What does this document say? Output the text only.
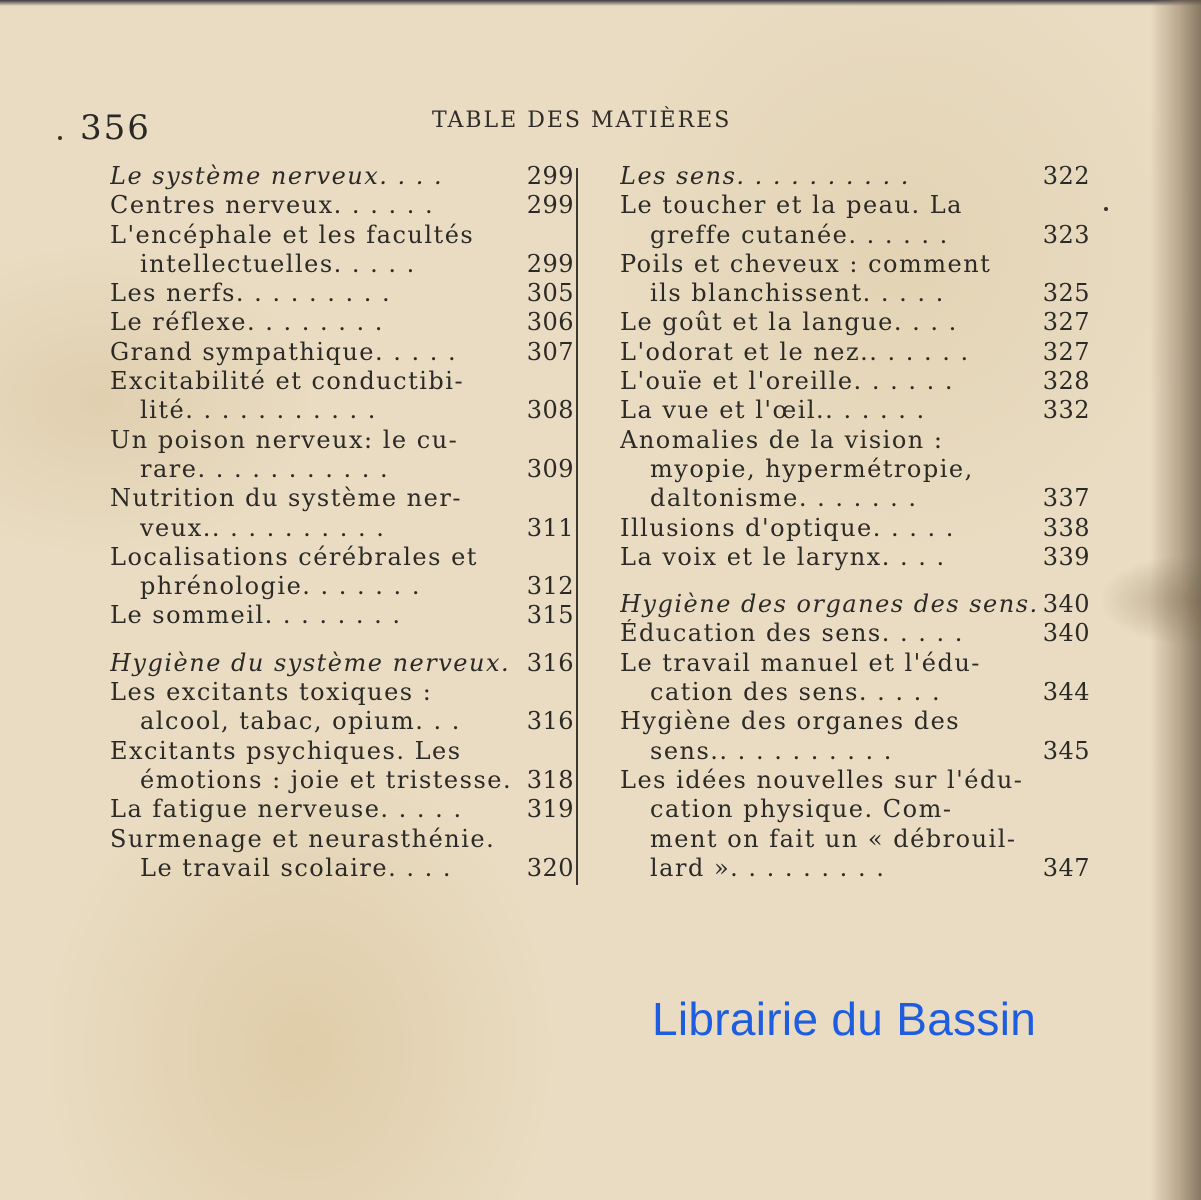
356	TABLE DES MATIÈRES
Le système nerveux. . . .	299
Centres nerveux. . . . . .	299
L'encéphale et les facultés
intellectuelles. . . . .	299
Les nerfs. . . . . . . . .	305
Le réflexe. . . . . . . .	306
Grand sympathique. . . . .	307
Excitabilité et conductibi-
lité. . . . . . . . . . .	308
Un poison nerveux: le cu-
rare. . . . . . . . . . .	309
Nutrition du système ner-
veux.. . . . . . . . . .	311
Localisations cérébrales et
phrénologie. . . . . . .	312
Le sommeil. . . . . . . .	315
Hygiène du système nerveux. 316
Les excitants toxiques :
alcool, tabac, opium. . .	316
Excitants psychiques. Les
émotions : joie et tristesse. 318
La fatigue nerveuse. . . . .	319
Surmenage et neurasthénie.
Le travail scolaire. . . .	320
Les sens. . . . . . . . . .	322
Le toucher et la peau. La
greffe cutanée. . . . . .	323
Poils et cheveux : comment
ils blanchissent. . . . .	325
Le goût et la langue. . . .	327
L'odorat et le nez.. . . . . .	327
L'ouïe et l'oreille. . . . . .	328
La vue et l'œil.. . . . . .	332
Anomalies de la vision :
myopie, hypermétropie,
daltonisme. . . . . . .	337
Illusions d'optique. . . . .	338
La voix et le larynx. . . .	339
Hygiène des organes des sens. 340
Éducation des sens. . . . .	340
Le travail manuel et l'édu-
cation des sens. . . . .	344
Hygiène des organes des
sens.. . . . . . . . . .	345
Les idées nouvelles sur l'édu-
cation physique. Com-
ment on fait un « débrouil-
lard ». . . . . . . . .	347
Librairie du Bassin
